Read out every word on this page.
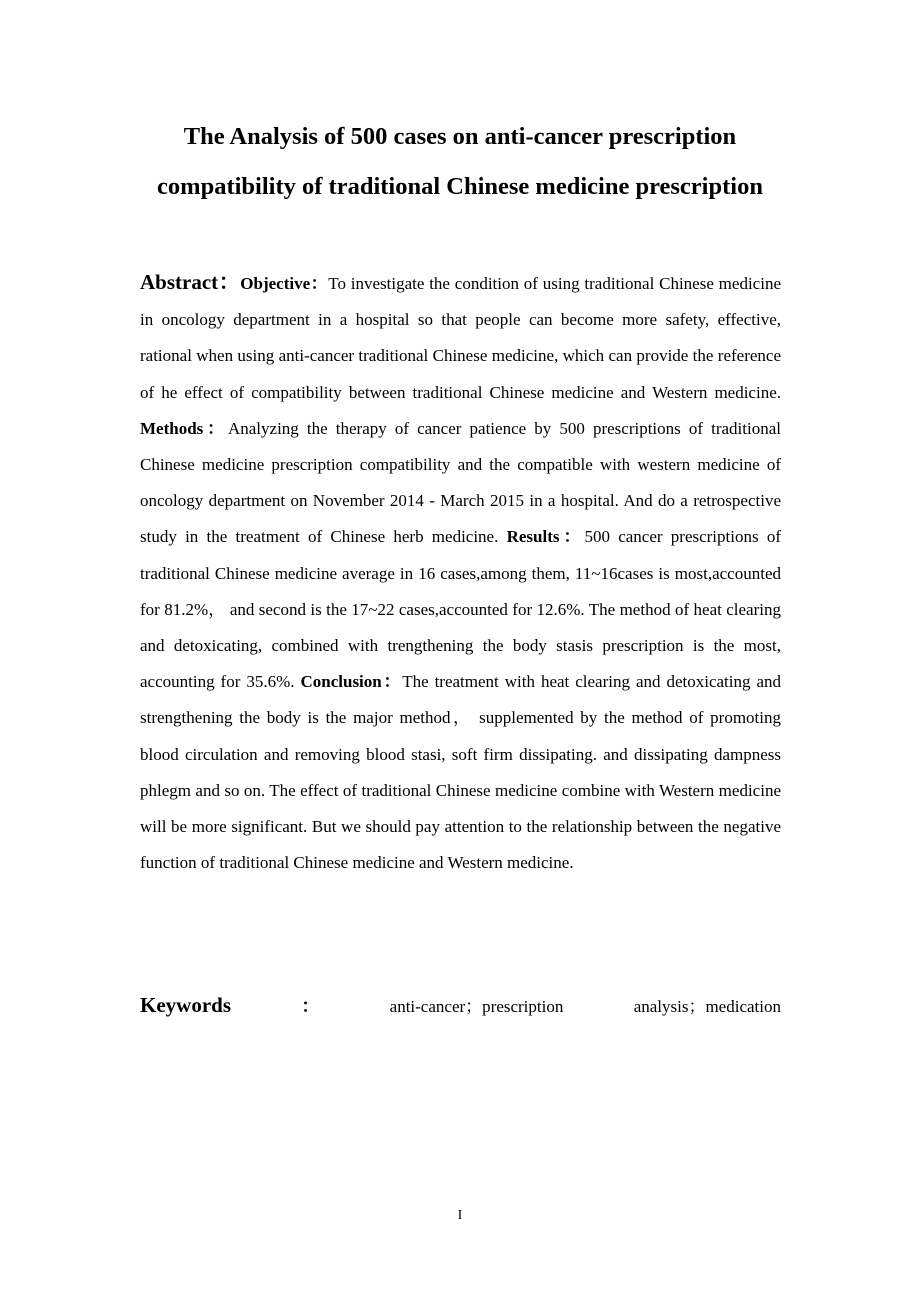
The Analysis of 500 cases on anti-cancer prescription
compatibility of traditional Chinese medicine prescription
Abstract：Objective：To investigate the condition of using traditional Chinese medicine in oncology department in a hospital so that people can become more safety, effective, rational when using anti-cancer traditional Chinese medicine, which can provide the reference of he effect of compatibility between traditional Chinese medicine and Western medicine. Methods：Analyzing the therapy of cancer patience by 500 prescriptions of traditional Chinese medicine prescription compatibility and the compatible with western medicine of oncology department on November 2014 - March 2015 in a hospital. And do a retrospective study in the treatment of Chinese herb medicine. Results：500 cancer prescriptions of traditional Chinese medicine average in 16 cases,among them, 11~16cases is most,accounted for 81.2%， and second is the 17~22 cases,accounted for 12.6%. The method of heat clearing and detoxicating, combined with trengthening the body stasis prescription is the most, accounting for 35.6%. Conclusion：The treatment with heat clearing and detoxicating and strengthening the body is the major method， supplemented by the method of promoting blood circulation and removing blood stasi, soft firm dissipating. and dissipating dampness phlegm and so on. The effect of traditional Chinese medicine combine with Western medicine will be more significant. But we should pay attention to the relationship between the negative function of traditional Chinese medicine and Western medicine.
Keywords	：	anti-cancer；prescription	analysis；medication
I
